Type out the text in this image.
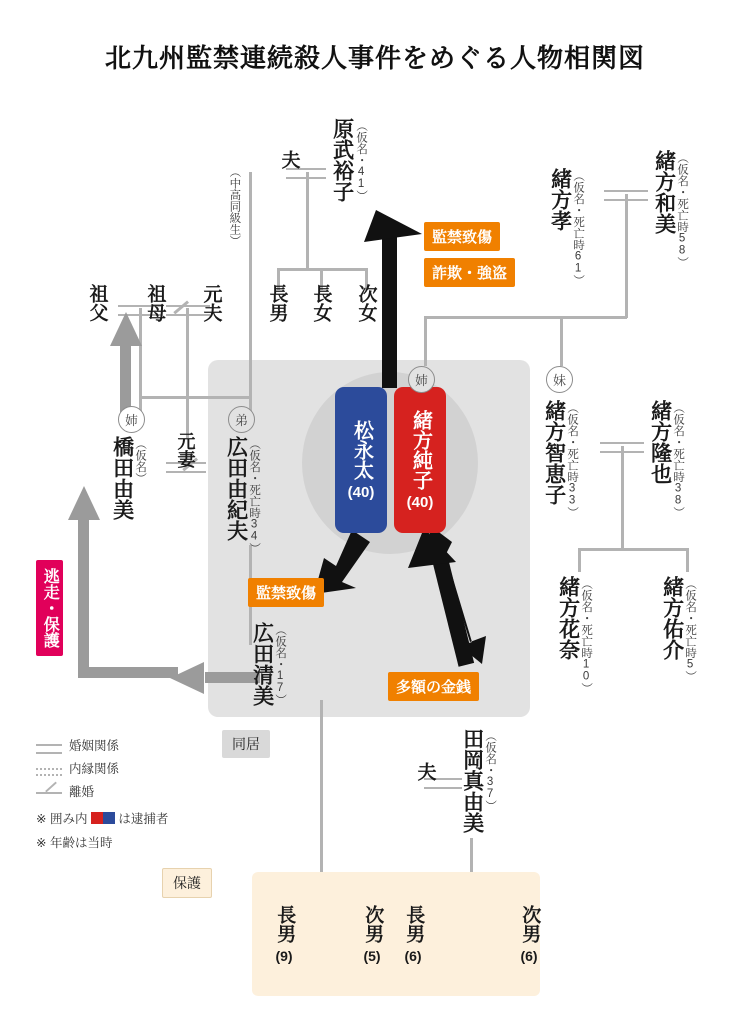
北九州監禁連続殺人事件をめぐる人物相関図
原武裕子 （仮名・41）
夫
（中高同級生）
長男 長女 次女
監禁致傷
詐欺・強盗
祖父 祖母 元夫
姉
橋田由美 （仮名） 元妻
弟
広田由紀夫 （仮名・死亡時34）
広田清美 （仮名・17）
松永太
(40)
緒方純子
(40)
姉
監禁致傷
多額の金銭
同居
逃走・保護
緒方孝 （仮名・死亡時61）	緒方和美 （仮名・死亡時58）
妹
緒方智恵子 （仮名・死亡時33）	緒方隆也 （仮名・死亡時38）
緒方花奈 （仮名・死亡時10）	緒方佑介 （仮名・死亡時5）
夫 田岡真由美 （仮名・37）
保護
長男
(9)
次男
(5)
長男
(6)
次男
(6)
婚姻関係
内縁関係
離婚
※ 囲み内 は逮捕者
※ 年齢は当時
